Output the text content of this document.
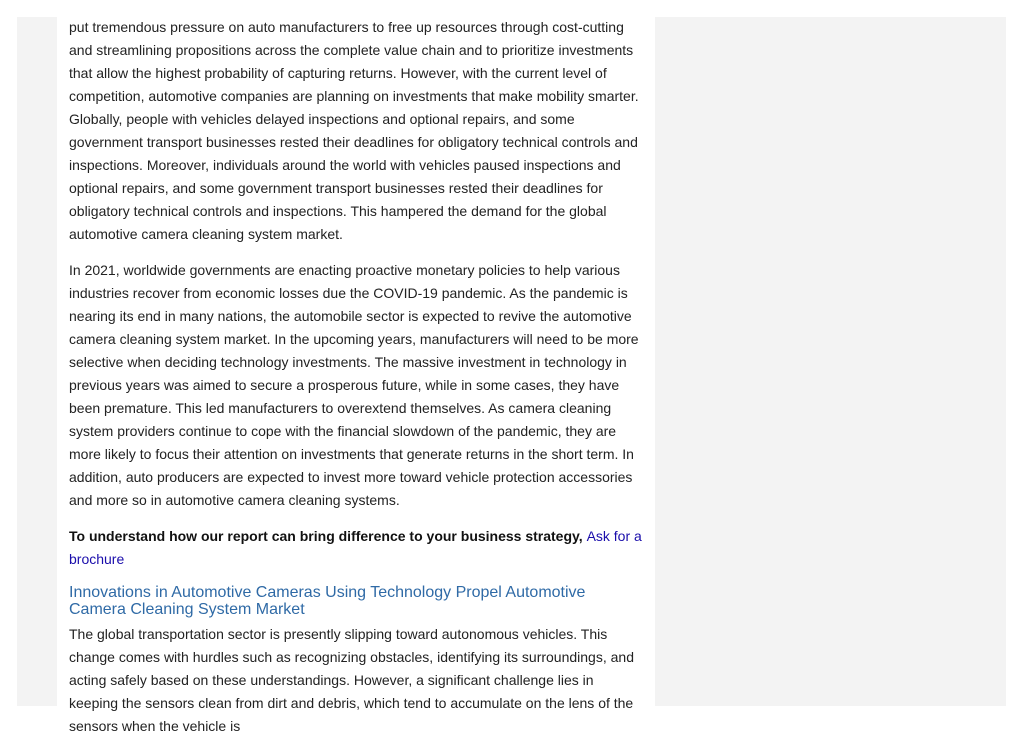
put tremendous pressure on auto manufacturers to free up resources through cost-cutting and streamlining propositions across the complete value chain and to prioritize investments that allow the highest probability of capturing returns. However, with the current level of competition, automotive companies are planning on investments that make mobility smarter. Globally, people with vehicles delayed inspections and optional repairs, and some government transport businesses rested their deadlines for obligatory technical controls and inspections. Moreover, individuals around the world with vehicles paused inspections and optional repairs, and some government transport businesses rested their deadlines for obligatory technical controls and inspections. This hampered the demand for the global automotive camera cleaning system market.

In 2021, worldwide governments are enacting proactive monetary policies to help various industries recover from economic losses due the COVID-19 pandemic. As the pandemic is nearing its end in many nations, the automobile sector is expected to revive the automotive camera cleaning system market. In the upcoming years, manufacturers will need to be more selective when deciding technology investments. The massive investment in technology in previous years was aimed to secure a prosperous future, while in some cases, they have been premature. This led manufacturers to overextend themselves. As camera cleaning system providers continue to cope with the financial slowdown of the pandemic, they are more likely to focus their attention on investments that generate returns in the short term. In addition, auto producers are expected to invest more toward vehicle protection accessories and more so in automotive camera cleaning systems.

To understand how our report can bring difference to your business strategy, Ask for a brochure

Innovations in Automotive Cameras Using Technology Propel Automotive Camera Cleaning System Market

The global transportation sector is presently slipping toward autonomous vehicles. This change comes with hurdles such as recognizing obstacles, identifying its surroundings, and acting safely based on these understandings. However, a significant challenge lies in keeping the sensors clean from dirt and debris, which tend to accumulate on the lens of the sensors when the vehicle is
